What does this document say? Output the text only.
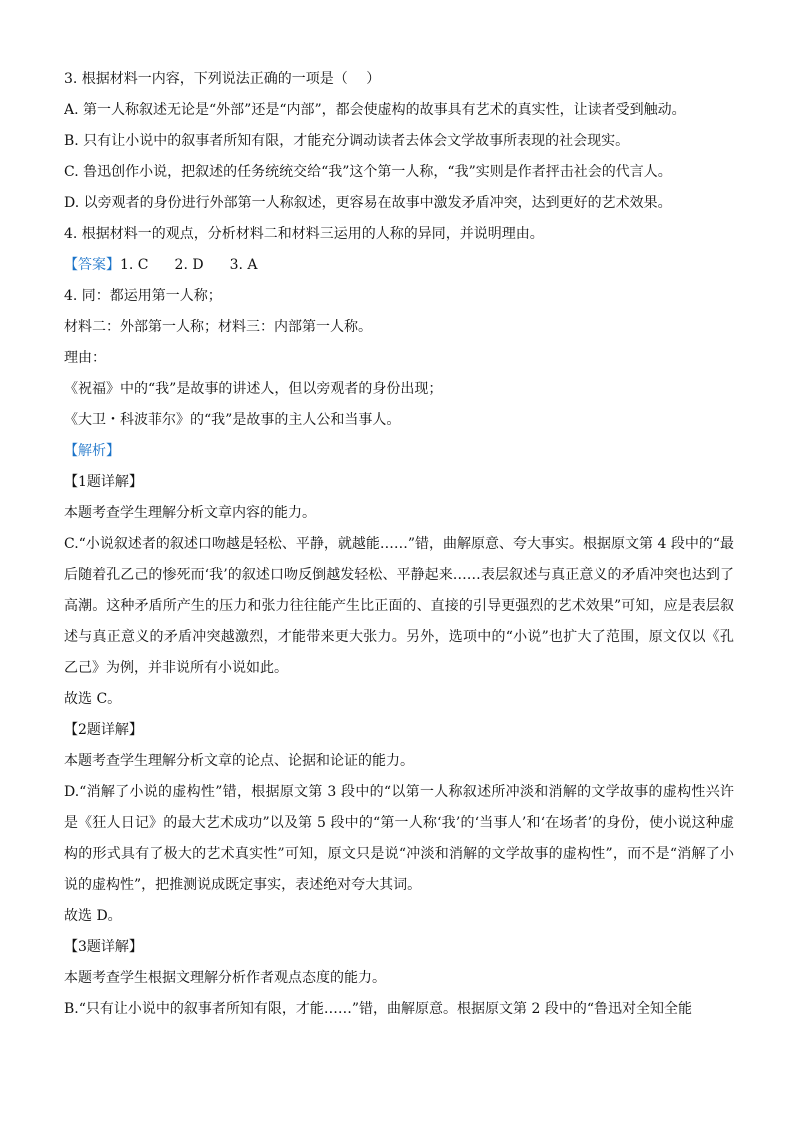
3. 根据材料一内容，下列说法正确的一项是（　 ）
A. 第一人称叙述无论是“外部”还是“内部”，都会使虚构的故事具有艺术的真实性，让读者受到触动。
B. 只有让小说中的叙事者所知有限，才能充分调动读者去体会文学故事所表现的社会现实。
C. 鲁迅创作小说，把叙述的任务统统交给“我”这个第一人称，“我”实则是作者抨击社会的代言人。
D. 以旁观者的身份进行外部第一人称叙述，更容易在故事中激发矛盾冲突，达到更好的艺术效果。
4. 根据材料一的观点，分析材料二和材料三运用的人称的异同，并说明理由。
【答案】1. C 2. D 3. A
4. 同：都运用第一人称；
材料二：外部第一人称；材料三：内部第一人称。
理由：
《祝福》中的“我”是故事的讲述人，但以旁观者的身份出现；
《大卫・科波菲尔》的“我”是故事的主人公和当事人。
【解析】
【1题详解】
本题考查学生理解分析文章内容的能力。
C.“小说叙述者的叙述口吻越是轻松、平静，就越能……”错，曲解原意、夸大事实。根据原文第 4 段中的“最后随着孔乙己的惨死而‘我’的叙述口吻反倒越发轻松、平静起来……表层叙述与真正意义的矛盾冲突也达到了高潮。这种矛盾所产生的压力和张力往往能产生比正面的、直接的引导更强烈的艺术效果”可知，应是表层叙述与真正意义的矛盾冲突越激烈，才能带来更大张力。另外，选项中的“小说”也扩大了范围，原文仅以《孔乙己》为例，并非说所有小说如此。
故选 C。
【2题详解】
本题考查学生理解分析文章的论点、论据和论证的能力。
D.“消解了小说的虚构性”错，根据原文第 3 段中的“以第一人称叙述所冲淡和消解的文学故事的虚构性兴许是《狂人日记》的最大艺术成功”以及第 5 段中的“第一人称‘我’的‘当事人’和‘在场者’的身份，使小说这种虚构的形式具有了极大的艺术真实性”可知，原文只是说“冲淡和消解的文学故事的虚构性”，而不是“消解了小说的虚构性”，把推测说成既定事实，表述绝对夸大其词。
故选 D。
【3题详解】
本题考查学生根据文理解分析作者观点态度的能力。
B.“只有让小说中的叙事者所知有限，才能……”错，曲解原意。根据原文第 2 段中的“鲁迅对全知全能
